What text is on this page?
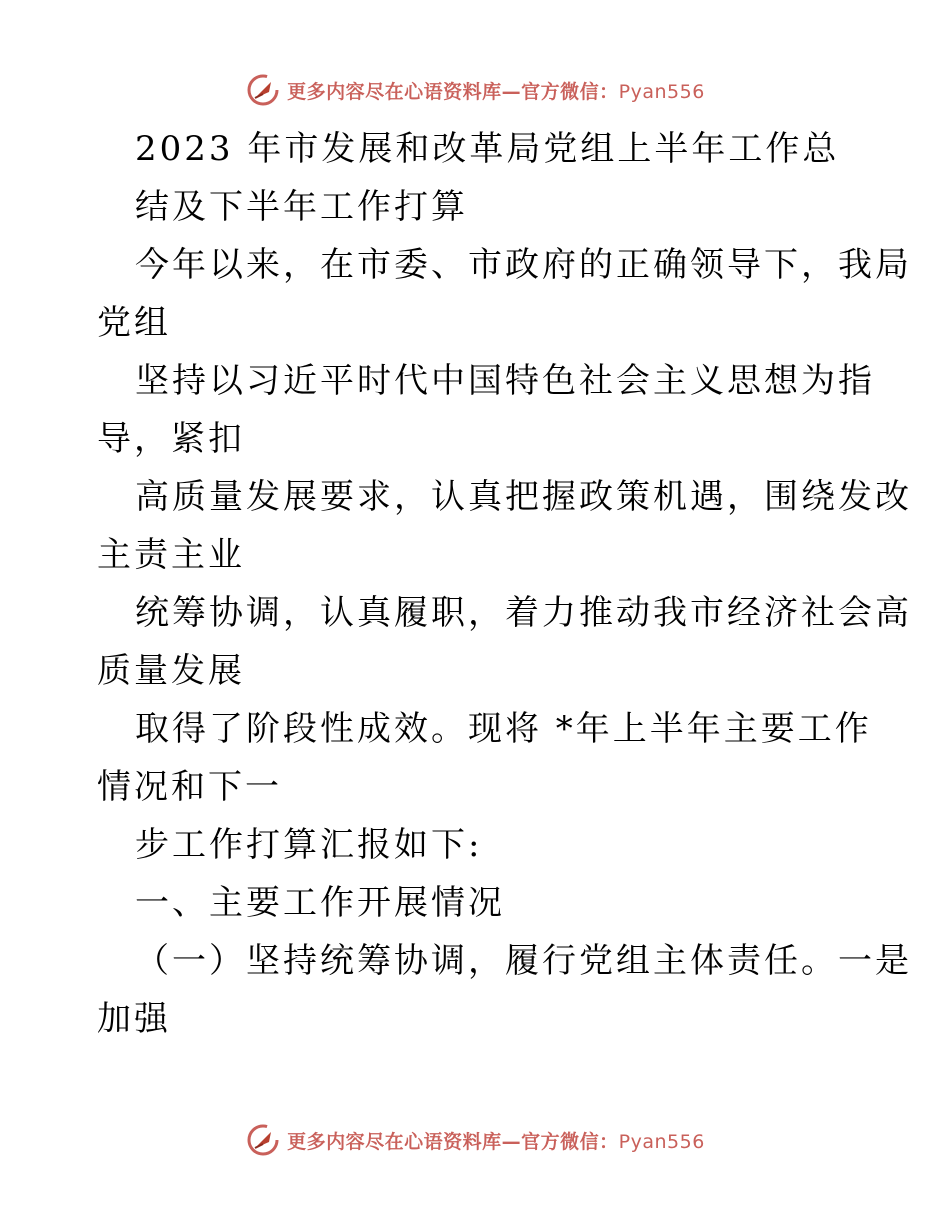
更多内容尽在心语资料库—官方微信：Pyan556
2023 年市发展和改革局党组上半年工作总
结及下半年工作打算
今年以来，在市委、市政府的正确领导下，我局
党组
坚持以习近平时代中国特色社会主义思想为指
导，紧扣
高质量发展要求，认真把握政策机遇，围绕发改
主责主业
统筹协调，认真履职，着力推动我市经济社会高
质量发展
取得了阶段性成效。现将 *年上半年主要工作
情况和下一
步工作打算汇报如下:
一、主要工作开展情况
（一）坚持统筹协调，履行党组主体责任。一是
加强
更多内容尽在心语资料库—官方微信：Pyan556
